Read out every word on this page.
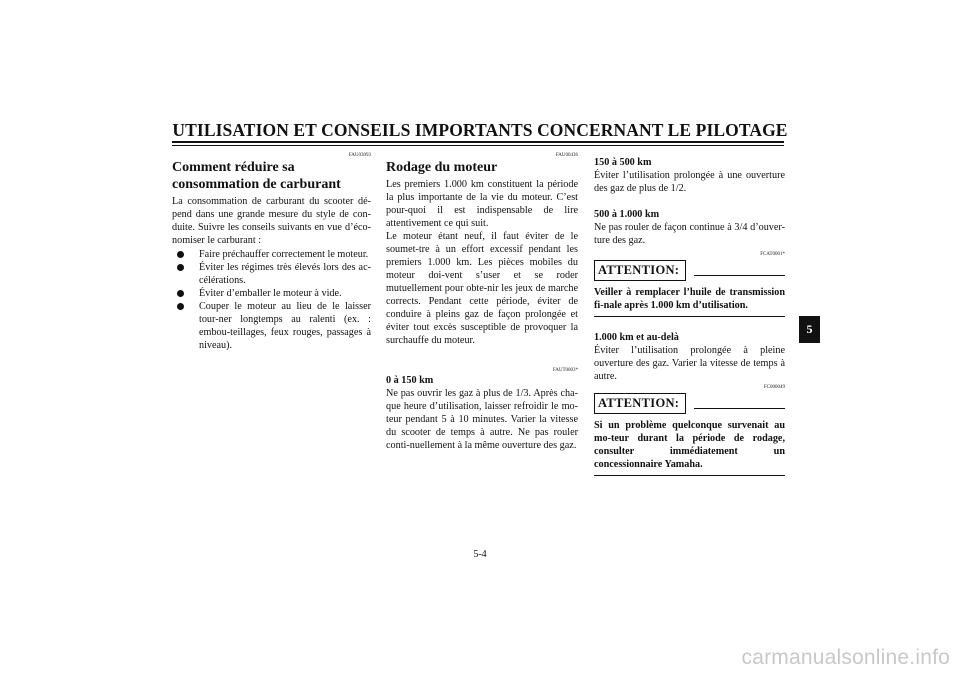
UTILISATION ET CONSEILS IMPORTANTS CONCERNANT LE PILOTAGE
FAU03093
Comment réduire sa consommation de carburant

La consommation de carburant du scooter dé-pend dans une grande mesure du style de con-duite. Suivre les conseils suivants en vue d’éco-nomiser le carburant :

Faire préchauffer correctement le moteur.
Éviter les régimes très élevés lors des ac-célérations.
Éviter d’emballer le moteur à vide.
Couper le moteur au lieu de le laisser tour-ner longtemps au ralenti (ex. : embou-teillages, feux rouges, passages à niveau).
FAU00436
Rodage du moteur

Les premiers 1.000 km constituent la période la plus importante de la vie du moteur. C’est pour-quoi il est indispensable de lire attentivement ce qui suit.

Le moteur étant neuf, il faut éviter de le soumet-tre à un effort excessif pendant les premiers 1.000 km. Les pièces mobiles du moteur doi-vent s’user et se roder mutuellement pour obte-nir les jeux de marche corrects. Pendant cette période, éviter de conduire à pleins gaz de façon prolongée et éviter tout excès susceptible de provoquer la surchauffe du moteur.

FAUT0003*

0 à 150 km

Ne pas ouvrir les gaz à plus de 1/3. Après cha-que heure d’utilisation, laisser refroidir le mo-teur pendant 5 à 10 minutes. Varier la vitesse du scooter de temps à autre. Ne pas rouler conti-nuellement à la même ouverture des gaz.

150 à 500 km

Éviter l’utilisation prolongée à une ouverture des gaz de plus de 1/2.

500 à 1.000 km

Ne pas rouler de façon continue à 3/4 d’ouver-ture des gaz.

FCAT0001*
ATTENTION:
Veiller à remplacer l’huile de transmission fi-nale après 1.000 km d’utilisation.

1.000 km et au-delà

Éviter l’utilisation prolongée à pleine ouverture des gaz. Varier la vitesse de temps à autre.

FC000049
ATTENTION:
Si un problème quelconque survenait au mo-teur durant la période de rodage, consulter immédiatement un concessionnaire Yamaha.
5-4
5
carmanualsonline.info
